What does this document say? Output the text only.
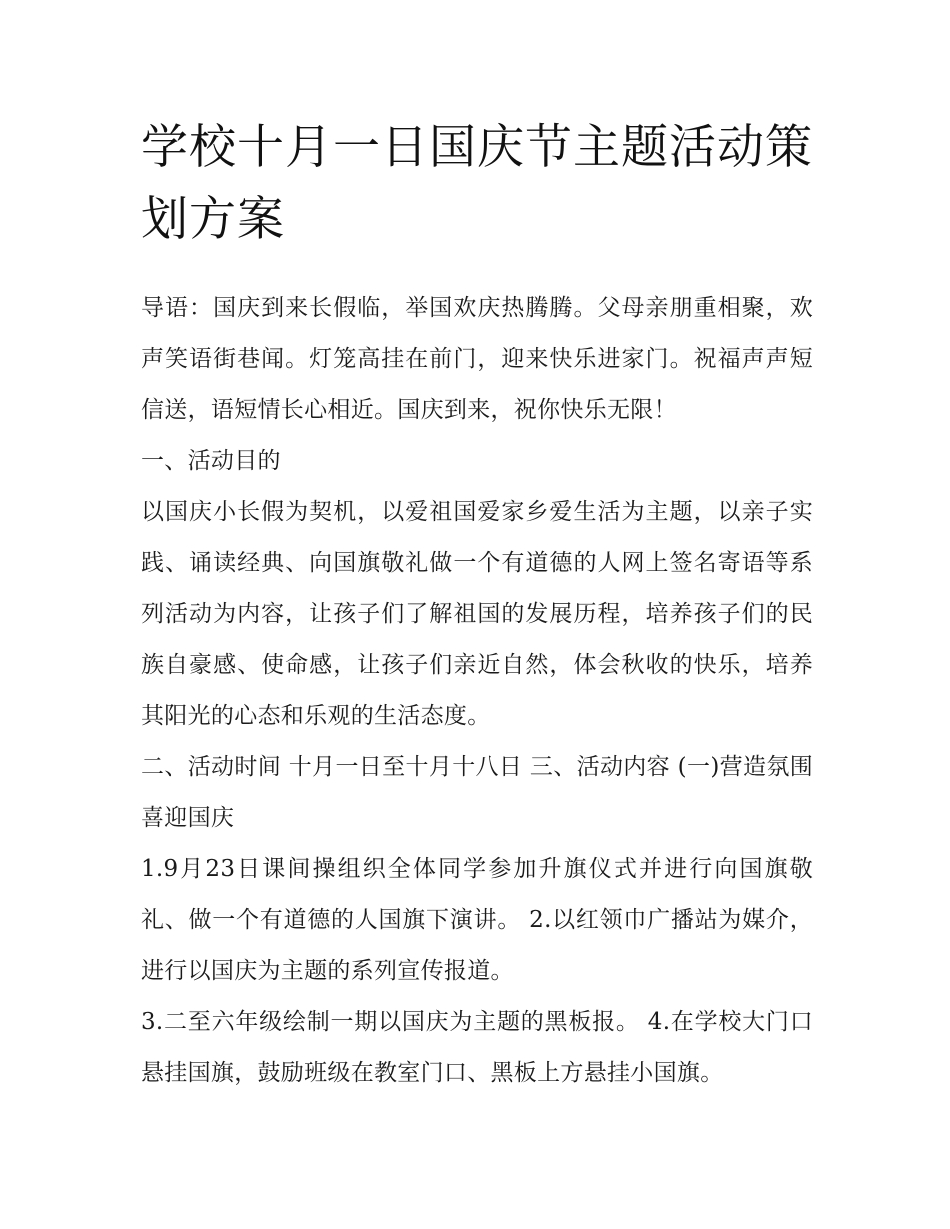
学校十月一日国庆节主题活动策划方案

导语：国庆到来长假临，举国欢庆热腾腾。父母亲朋重相聚，欢声笑语街巷闻。灯笼高挂在前门，迎来快乐进家门。祝福声声短信送，语短情长心相近。国庆到来，祝你快乐无限！

一、活动目的

以国庆小长假为契机，以爱祖国爱家乡爱生活为主题，以亲子实践、诵读经典、向国旗敬礼做一个有道德的人网上签名寄语等系列活动为内容，让孩子们了解祖国的发展历程，培养孩子们的民族自豪感、使命感，让孩子们亲近自然，体会秋收的快乐，培养其阳光的心态和乐观的生活态度。

二、活动时间 十月一日至十月十八日 三、活动内容 (一)营造氛围 喜迎国庆

1.9月23日课间操组织全体同学参加升旗仪式并进行向国旗敬礼、做一个有道德的人国旗下演讲。 2.以红领巾广播站为媒介，进行以国庆为主题的系列宣传报道。

3.二至六年级绘制一期以国庆为主题的黑板报。 4.在学校大门口悬挂国旗，鼓励班级在教室门口、黑板上方悬挂小国旗。
